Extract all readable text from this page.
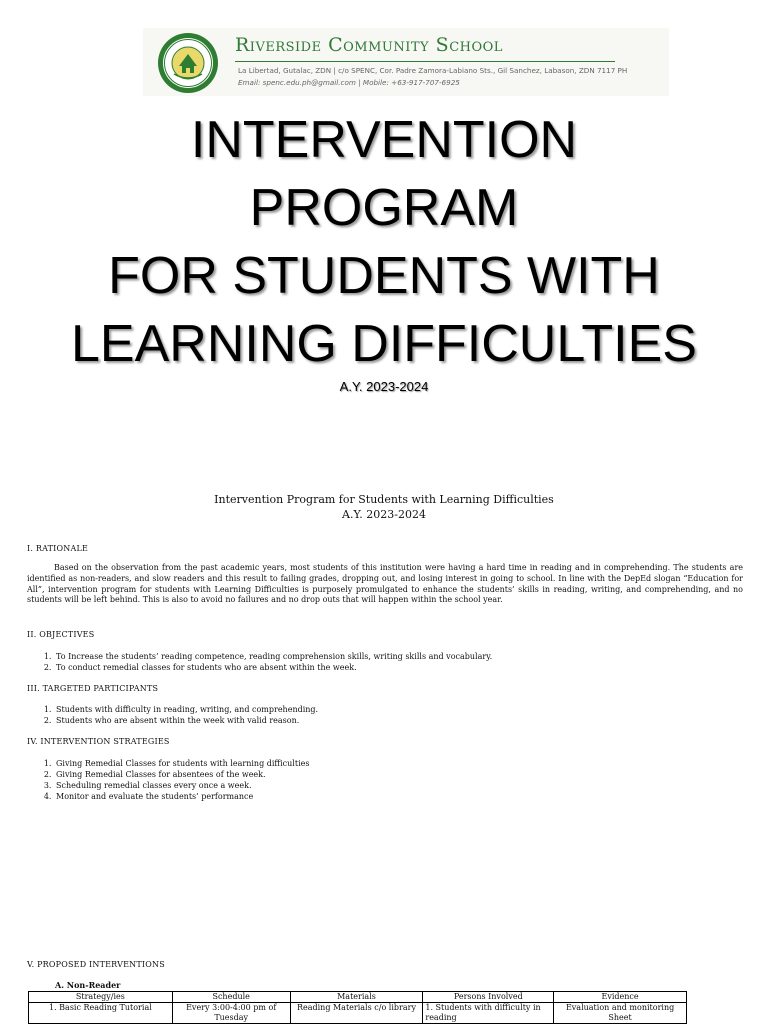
Riverside Community School
La Libertad, Gutalac, ZDN | c/o SPENC, Cor. Padre Zamora-Labiano Sts., Gil Sanchez, Labason, ZDN 7117 PH
Email: spenc.edu.ph@gmail.com | Mobile: +63-917-707-6925
INTERVENTION
PROGRAM
FOR STUDENTS WITH
LEARNING DIFFICULTIES
A.Y. 2023-2024
Intervention Program for Students with Learning Difficulties
A.Y. 2023-2024
I. RATIONALE

Based on the observation from the past academic years, most students of this institution were having a hard time in reading and in comprehending. The students are identified as non-readers, and slow readers and this result to failing grades, dropping out, and losing interest in going to school. In line with the DepEd slogan “Education for All”, intervention program for students with Learning Difficulties is purposely promulgated to enhance the students’ skills in reading, writing, and comprehending, and no students will be left behind. This is also to avoid no failures and no drop outs that will happen within the school year.

II. OBJECTIVES
1. To Increase the students’ reading competence, reading comprehension skills, writing skills and vocabulary.
2. To conduct remedial classes for students who are absent within the week.
III. TARGETED PARTICIPANTS
1. Students with difficulty in reading, writing, and comprehending.
2. Students who are absent within the week with valid reason.
IV. INTERVENTION STRATEGIES
1. Giving Remedial Classes for students with learning difficulties
2. Giving Remedial Classes for absentees of the week.
3. Scheduling remedial classes every once a week.
4. Monitor and evaluate the students’ performance
V. PROPOSED INTERVENTIONS
A. Non-Reader
Strategy/ies	Schedule	Materials	Persons Involved	Evidence
1. Basic Reading Tutorial	Every 3:00-4:00 pm of Tuesday	Reading Materials c/o library	1. Students with difficulty in reading	Evaluation and monitoring Sheet
